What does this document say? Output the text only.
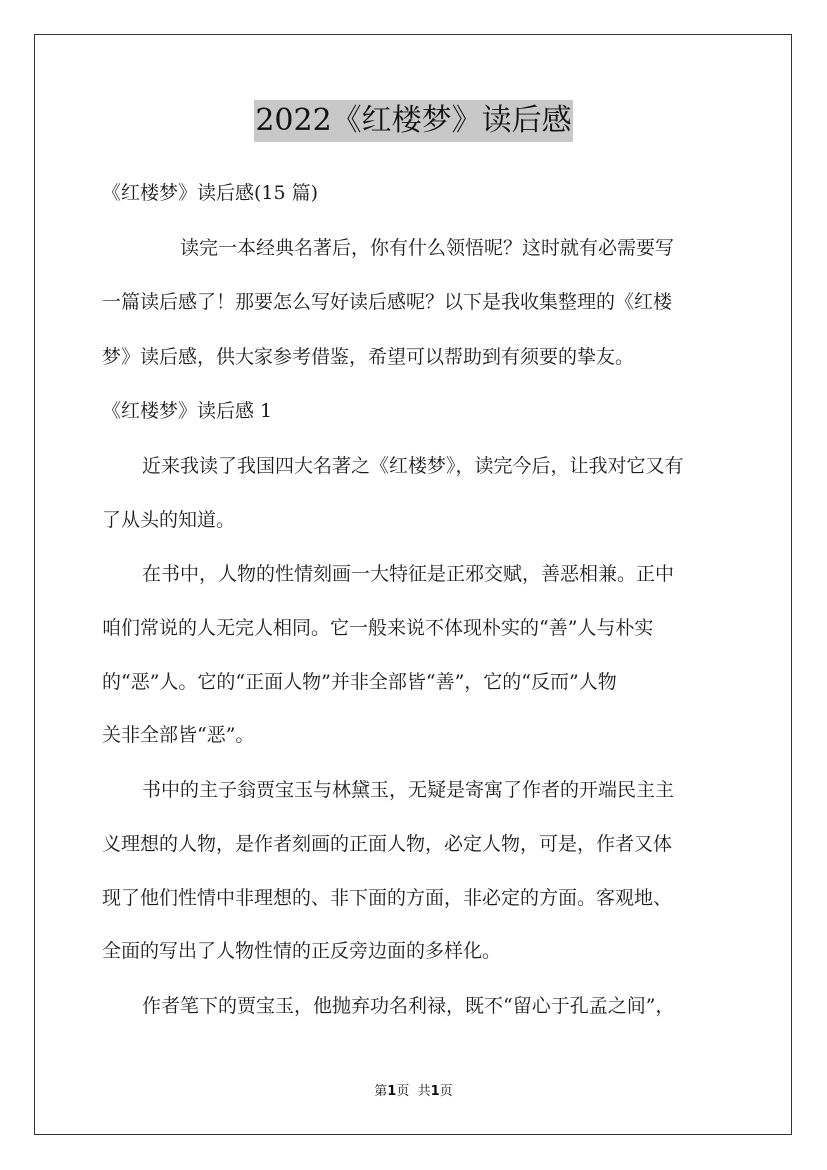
2022《红楼梦》读后感
《红楼梦》读后感(15 篇)
读完一本经典名著后，你有什么领悟呢？这时就有必需要写
一篇读后感了！那要怎么写好读后感呢？以下是我收集整理的《红楼
梦》读后感，供大家参考借鉴，希望可以帮助到有须要的挚友。
《红楼梦》读后感 1
近来我读了我国四大名著之《红楼梦》，读完今后，让我对它又有
了从头的知道。
在书中，人物的性情刻画一大特征是正邪交赋，善恶相兼。正中
咱们常说的人无完人相同。它一般来说不体现朴实的“善”人与朴实
的“恶”人。它的“正面人物”并非全部皆“善”，它的“反而”人物
关非全部皆“恶”。
书中的主子翁贾宝玉与林黛玉，无疑是寄寓了作者的开端民主主
义理想的人物，是作者刻画的正面人物，必定人物，可是，作者又体
现了他们性情中非理想的、非下面的方面，非必定的方面。客观地、
全面的写出了人物性情的正反旁边面的多样化。
作者笔下的贾宝玉，他抛弃功名利禄，既不“留心于孔孟之间”，
第1页 共1页
